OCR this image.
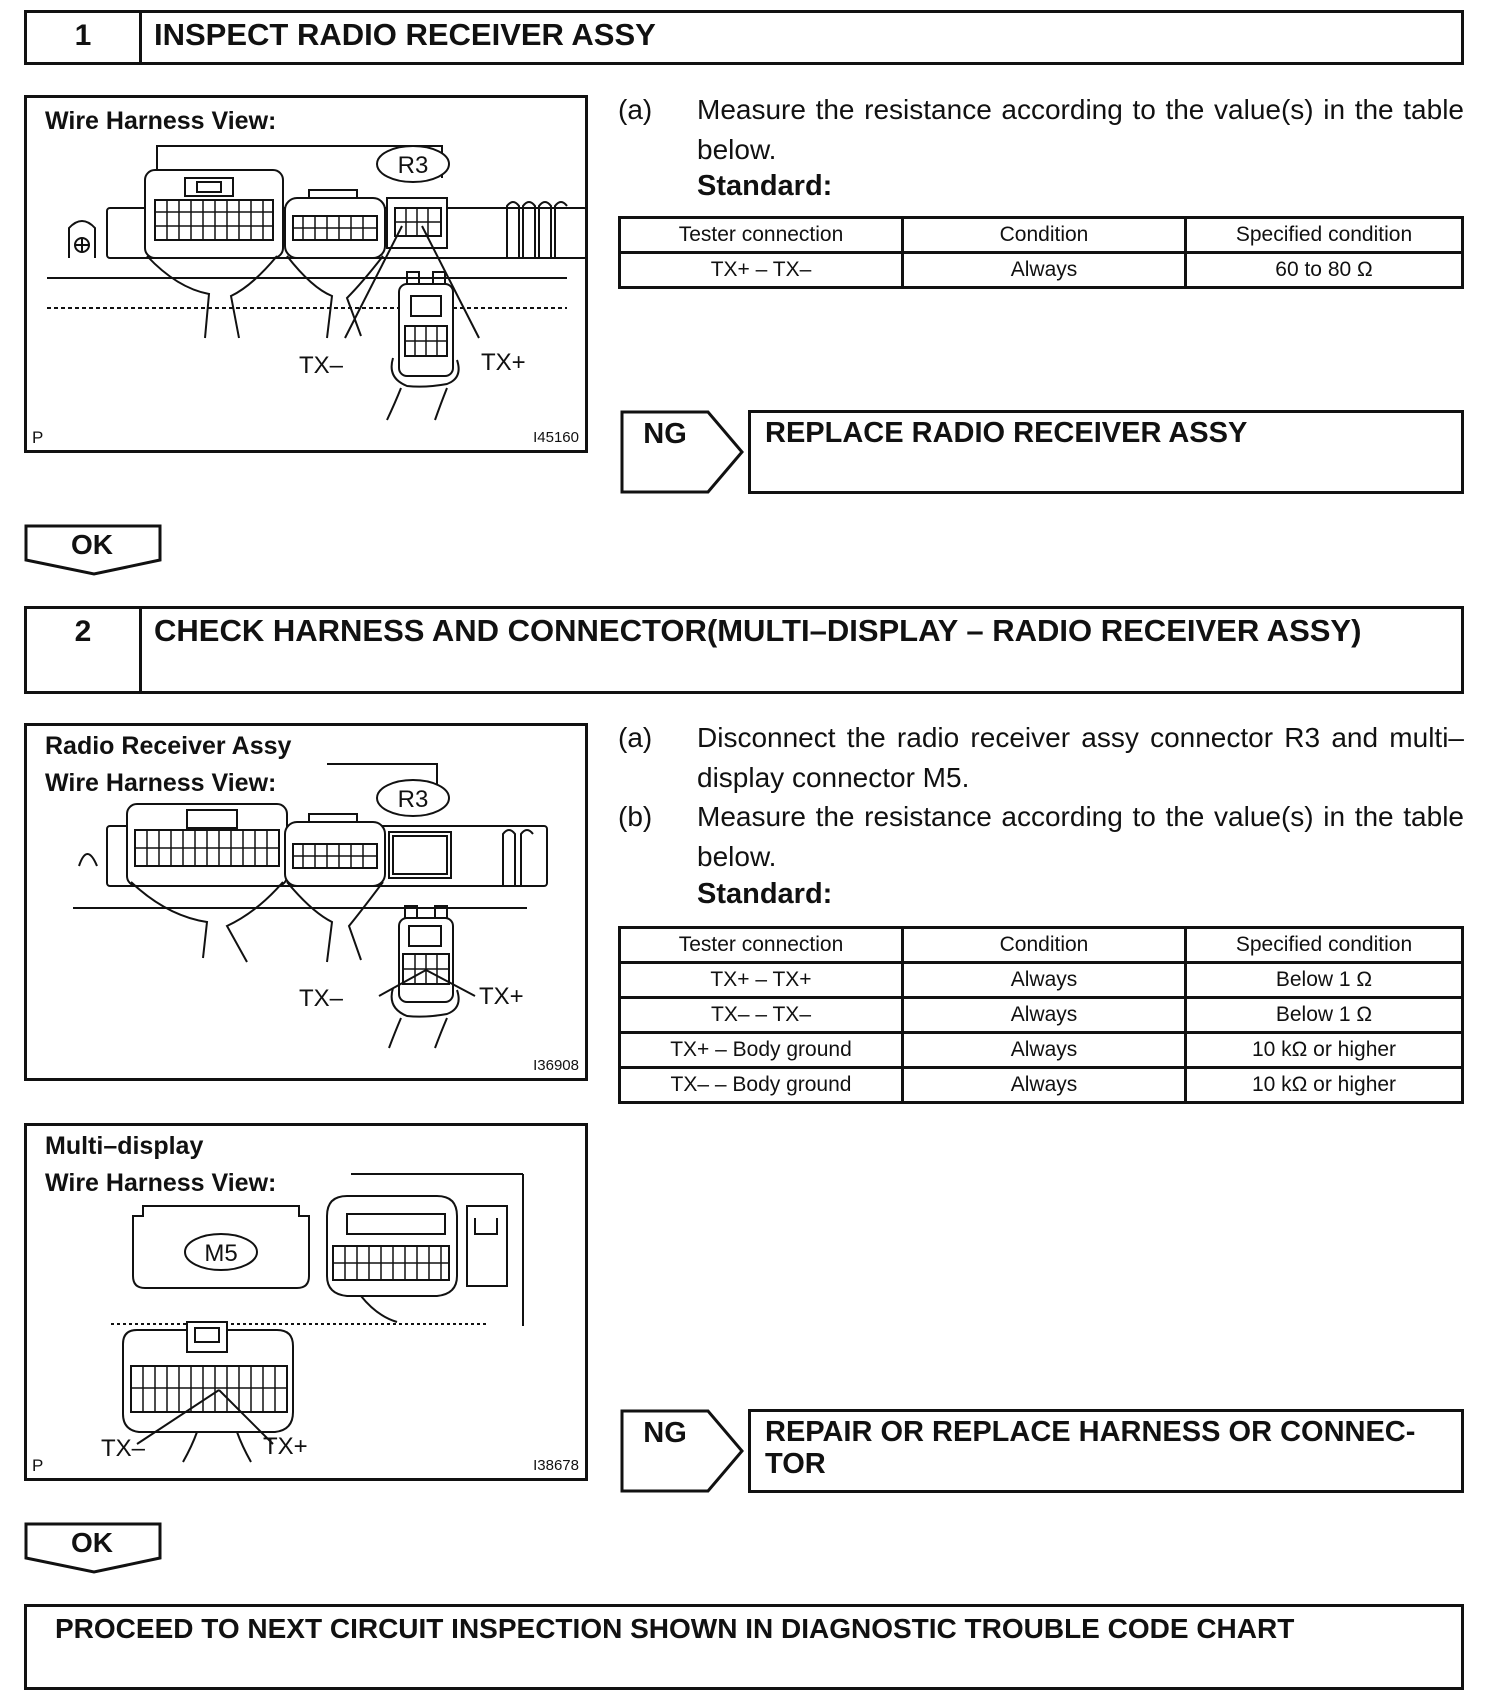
1	INSPECT RADIO RECEIVER ASSY
R3
TX–	TX+
Wire Harness View:
P	I45160
(a) Measure the resistance according to the value(s) in the table below.
Standard:
Tester connection	Condition	Specified condition
TX+ – TX–	Always	60 to 80 Ω
NG	REPLACE RADIO RECEIVER ASSY
OK
2	CHECK HARNESS AND CONNECTOR(MULTI–DISPLAY – RADIO RECEIVER ASSY)
R3
TX–	TX+
Radio Receiver Assy
Wire Harness View:
I36908
M5
TX–	TX+
Multi–display
Wire Harness View:
P	I38678
(a) Disconnect the radio receiver assy connector R3 and multi–display connector M5.
(b) Measure the resistance according to the value(s) in the table below.
Standard:
Tester connection	Condition	Specified condition
TX+ – TX+	Always	Below 1 Ω
TX– – TX–	Always	Below 1 Ω
TX+ – Body ground	Always	10 kΩ or higher
TX– – Body ground	Always	10 kΩ or higher
NG	REPAIR OR REPLACE HARNESS OR CONNEC- TOR
OK
PROCEED TO NEXT CIRCUIT INSPECTION SHOWN IN DIAGNOSTIC TROUBLE CODE CHART
